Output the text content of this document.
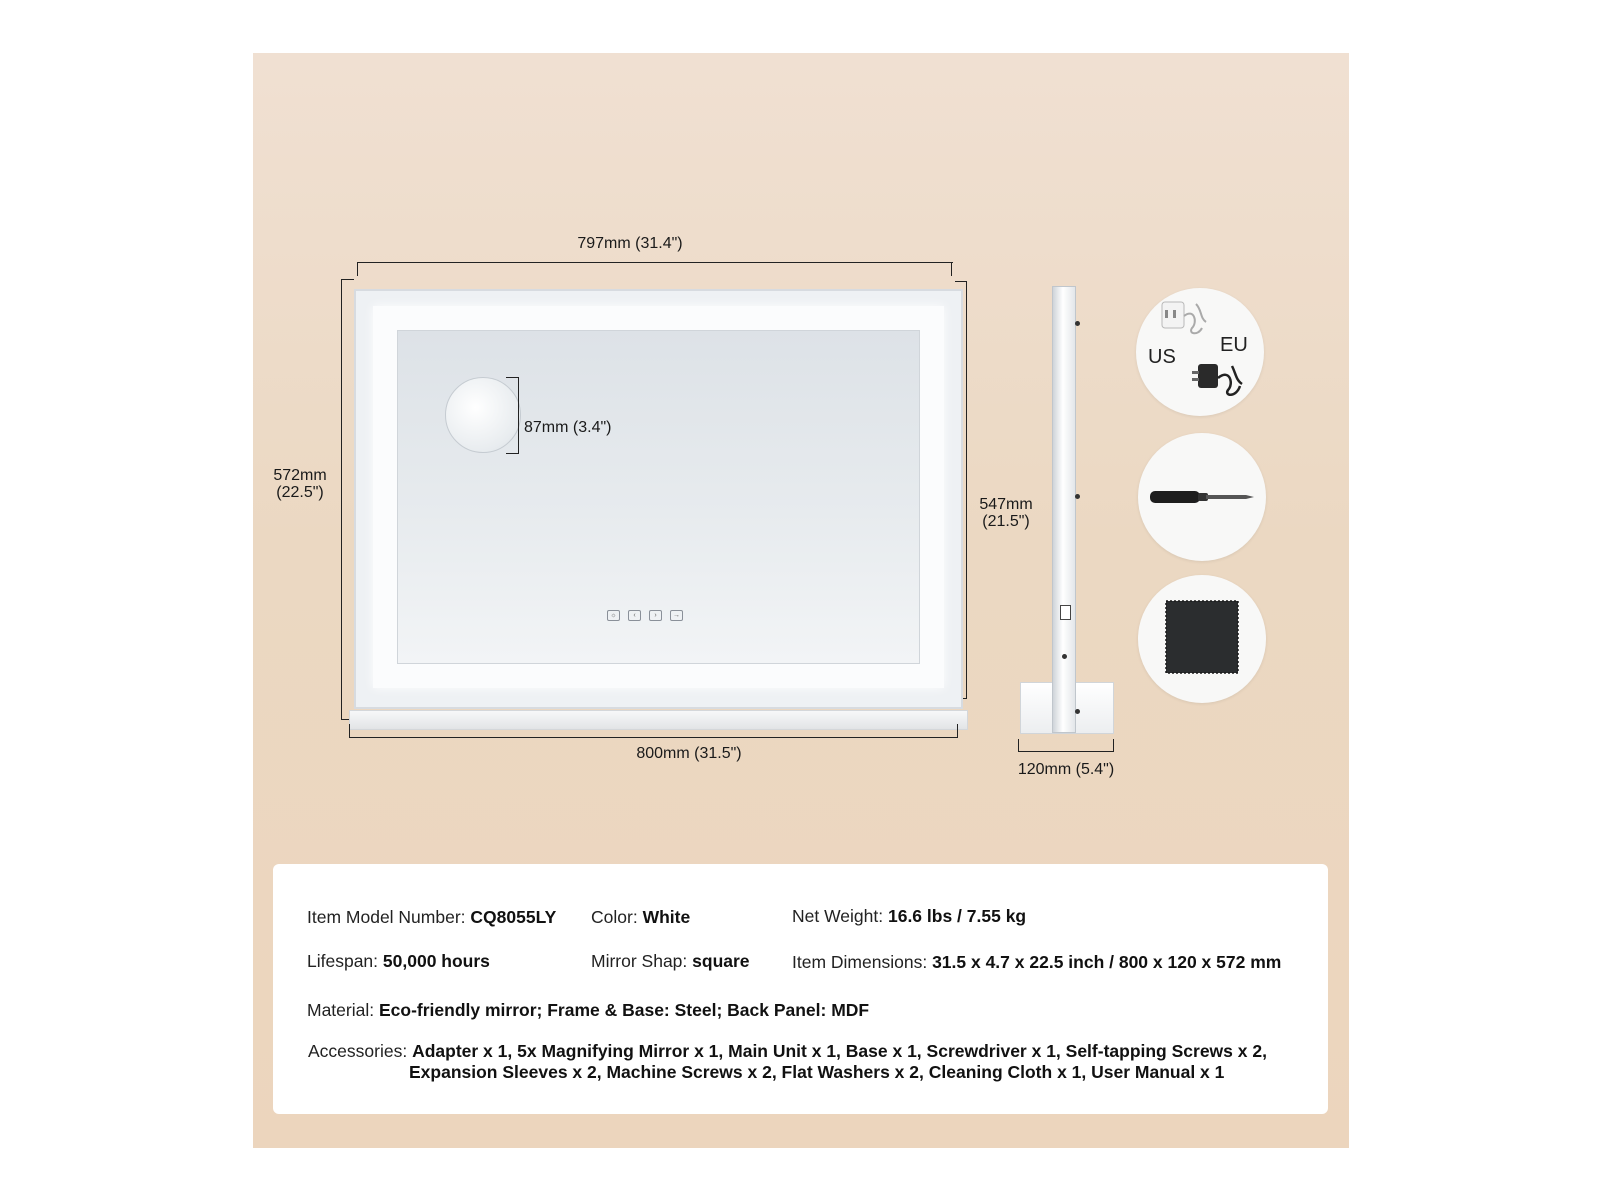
797mm (31.4")
572mm
(22.5")
547mm
(21.5")
☼	‹	›	→
87mm (3.4")
800mm (31.5")
120mm (5.4")
US
EU
Item Model Number: CQ8055LY Color: White	Net Weight: 16.6 lbs / 7.55 kg
Lifespan: 50,000 hours	Mirror Shap: square Item Dimensions: 31.5 x 4.7 x 22.5 inch / 800 x 120 x 572 mm
Material: Eco-friendly mirror; Frame & Base: Steel; Back Panel: MDF
Accessories: Adapter x 1, 5x Magnifying Mirror x 1, Main Unit x 1, Base x 1, Screwdriver x 1, Self-tapping Screws x 2,
Expansion Sleeves x 2, Machine Screws x 2, Flat Washers x 2, Cleaning Cloth x 1, User Manual x 1
